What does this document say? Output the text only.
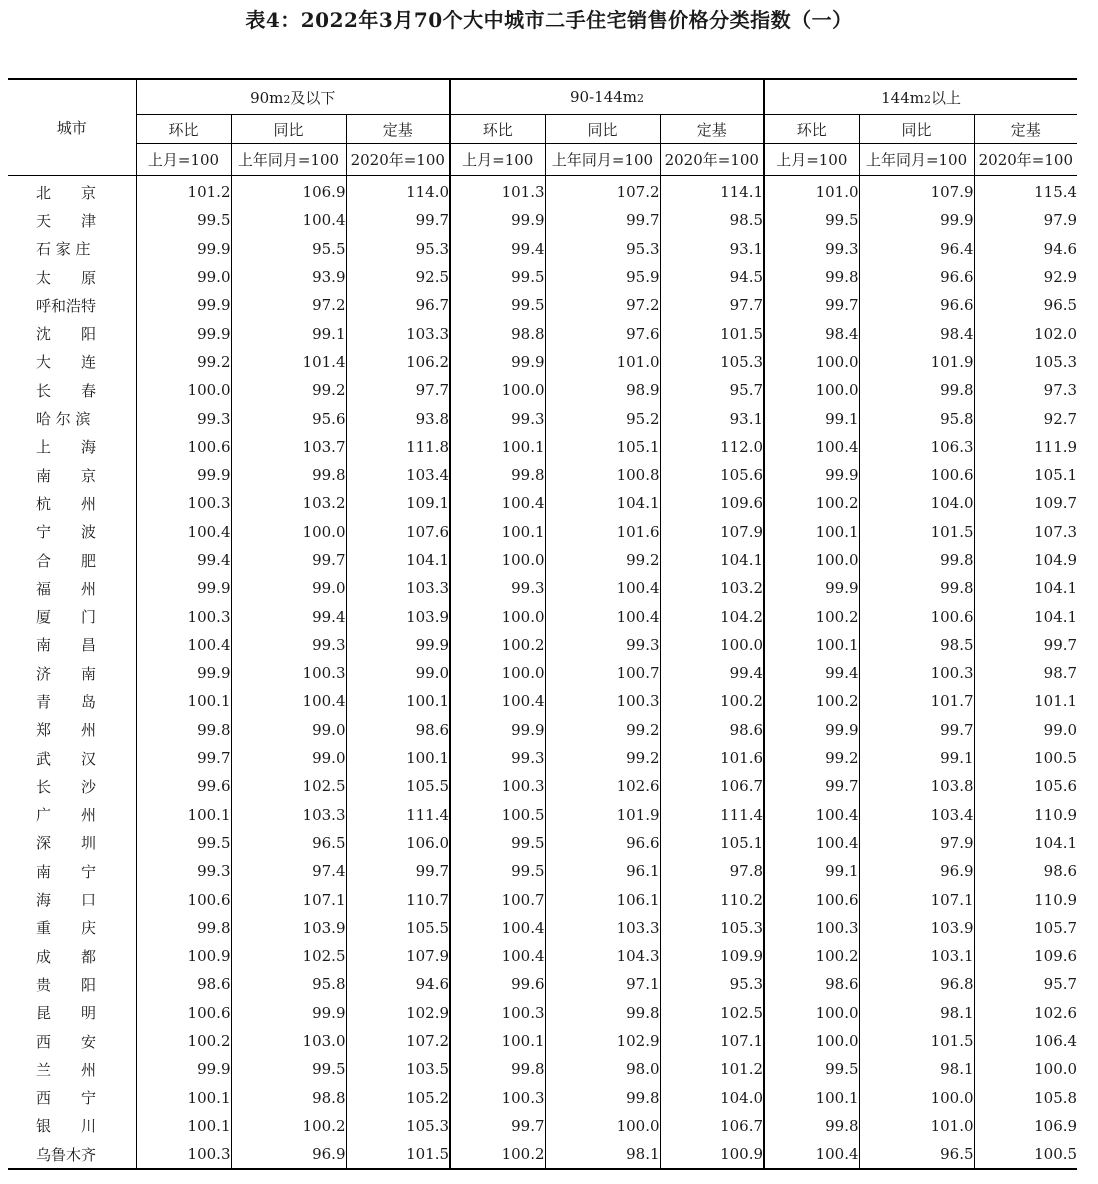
表4：2022年3月70个大中城市二手住宅销售价格分类指数（一）
城市	90m 2 及以下			90-144m 2			144m 2 以上		

	环比	同比	定基	环比	同比	定基	环比	同比	定基
	上月=100	上年同月=100	2020年=100	上月=100	上年同月=100	2020年=100	上月=100	上年同月=100	2020年=100
北　　京	101.2	106.9	114.0	101.3	107.2	114.1	101.0	107.9	115.4
天　　津	99.5	100.4	99.7	99.9	99.7	98.5	99.5	99.9	97.9
石 家 庄	99.9	95.5	95.3	99.4	95.3	93.1	99.3	96.4	94.6
太　　原	99.0	93.9	92.5	99.5	95.9	94.5	99.8	96.6	92.9
呼和浩特	99.9	97.2	96.7	99.5	97.2	97.7	99.7	96.6	96.5
沈　　阳	99.9	99.1	103.3	98.8	97.6	101.5	98.4	98.4	102.0
大　　连	99.2	101.4	106.2	99.9	101.0	105.3	100.0	101.9	105.3
长　　春	100.0	99.2	97.7	100.0	98.9	95.7	100.0	99.8	97.3
哈 尔 滨	99.3	95.6	93.8	99.3	95.2	93.1	99.1	95.8	92.7
上　　海	100.6	103.7	111.8	100.1	105.1	112.0	100.4	106.3	111.9
南　　京	99.9	99.8	103.4	99.8	100.8	105.6	99.9	100.6	105.1
杭　　州	100.3	103.2	109.1	100.4	104.1	109.6	100.2	104.0	109.7
宁　　波	100.4	100.0	107.6	100.1	101.6	107.9	100.1	101.5	107.3
合　　肥	99.4	99.7	104.1	100.0	99.2	104.1	100.0	99.8	104.9
福　　州	99.9	99.0	103.3	99.3	100.4	103.2	99.9	99.8	104.1
厦　　门	100.3	99.4	103.9	100.0	100.4	104.2	100.2	100.6	104.1
南　　昌	100.4	99.3	99.9	100.2	99.3	100.0	100.1	98.5	99.7
济　　南	99.9	100.3	99.0	100.0	100.7	99.4	99.4	100.3	98.7
青　　岛	100.1	100.4	100.1	100.4	100.3	100.2	100.2	101.7	101.1
郑　　州	99.8	99.0	98.6	99.9	99.2	98.6	99.9	99.7	99.0
武　　汉	99.7	99.0	100.1	99.3	99.2	101.6	99.2	99.1	100.5
长　　沙	99.6	102.5	105.5	100.3	102.6	106.7	99.7	103.8	105.6
广　　州	100.1	103.3	111.4	100.5	101.9	111.4	100.4	103.4	110.9
深　　圳	99.5	96.5	106.0	99.5	96.6	105.1	100.4	97.9	104.1
南　　宁	99.3	97.4	99.7	99.5	96.1	97.8	99.1	96.9	98.6
海　　口	100.6	107.1	110.7	100.7	106.1	110.2	100.6	107.1	110.9
重　　庆	99.8	103.9	105.5	100.4	103.3	105.3	100.3	103.9	105.7
成　　都	100.9	102.5	107.9	100.4	104.3	109.9	100.2	103.1	109.6
贵　　阳	98.6	95.8	94.6	99.6	97.1	95.3	98.6	96.8	95.7
昆　　明	100.6	99.9	102.9	100.3	99.8	102.5	100.0	98.1	102.6
西　　安	100.2	103.0	107.2	100.1	102.9	107.1	100.0	101.5	106.4
兰　　州	99.9	99.5	103.5	99.8	98.0	101.2	99.5	98.1	100.0
西　　宁	100.1	98.8	105.2	100.3	99.8	104.0	100.1	100.0	105.8
银　　川	100.1	100.2	105.3	99.7	100.0	106.7	99.8	101.0	106.9
乌鲁木齐	100.3	96.9	101.5	100.2	98.1	100.9	100.4	96.5	100.5
